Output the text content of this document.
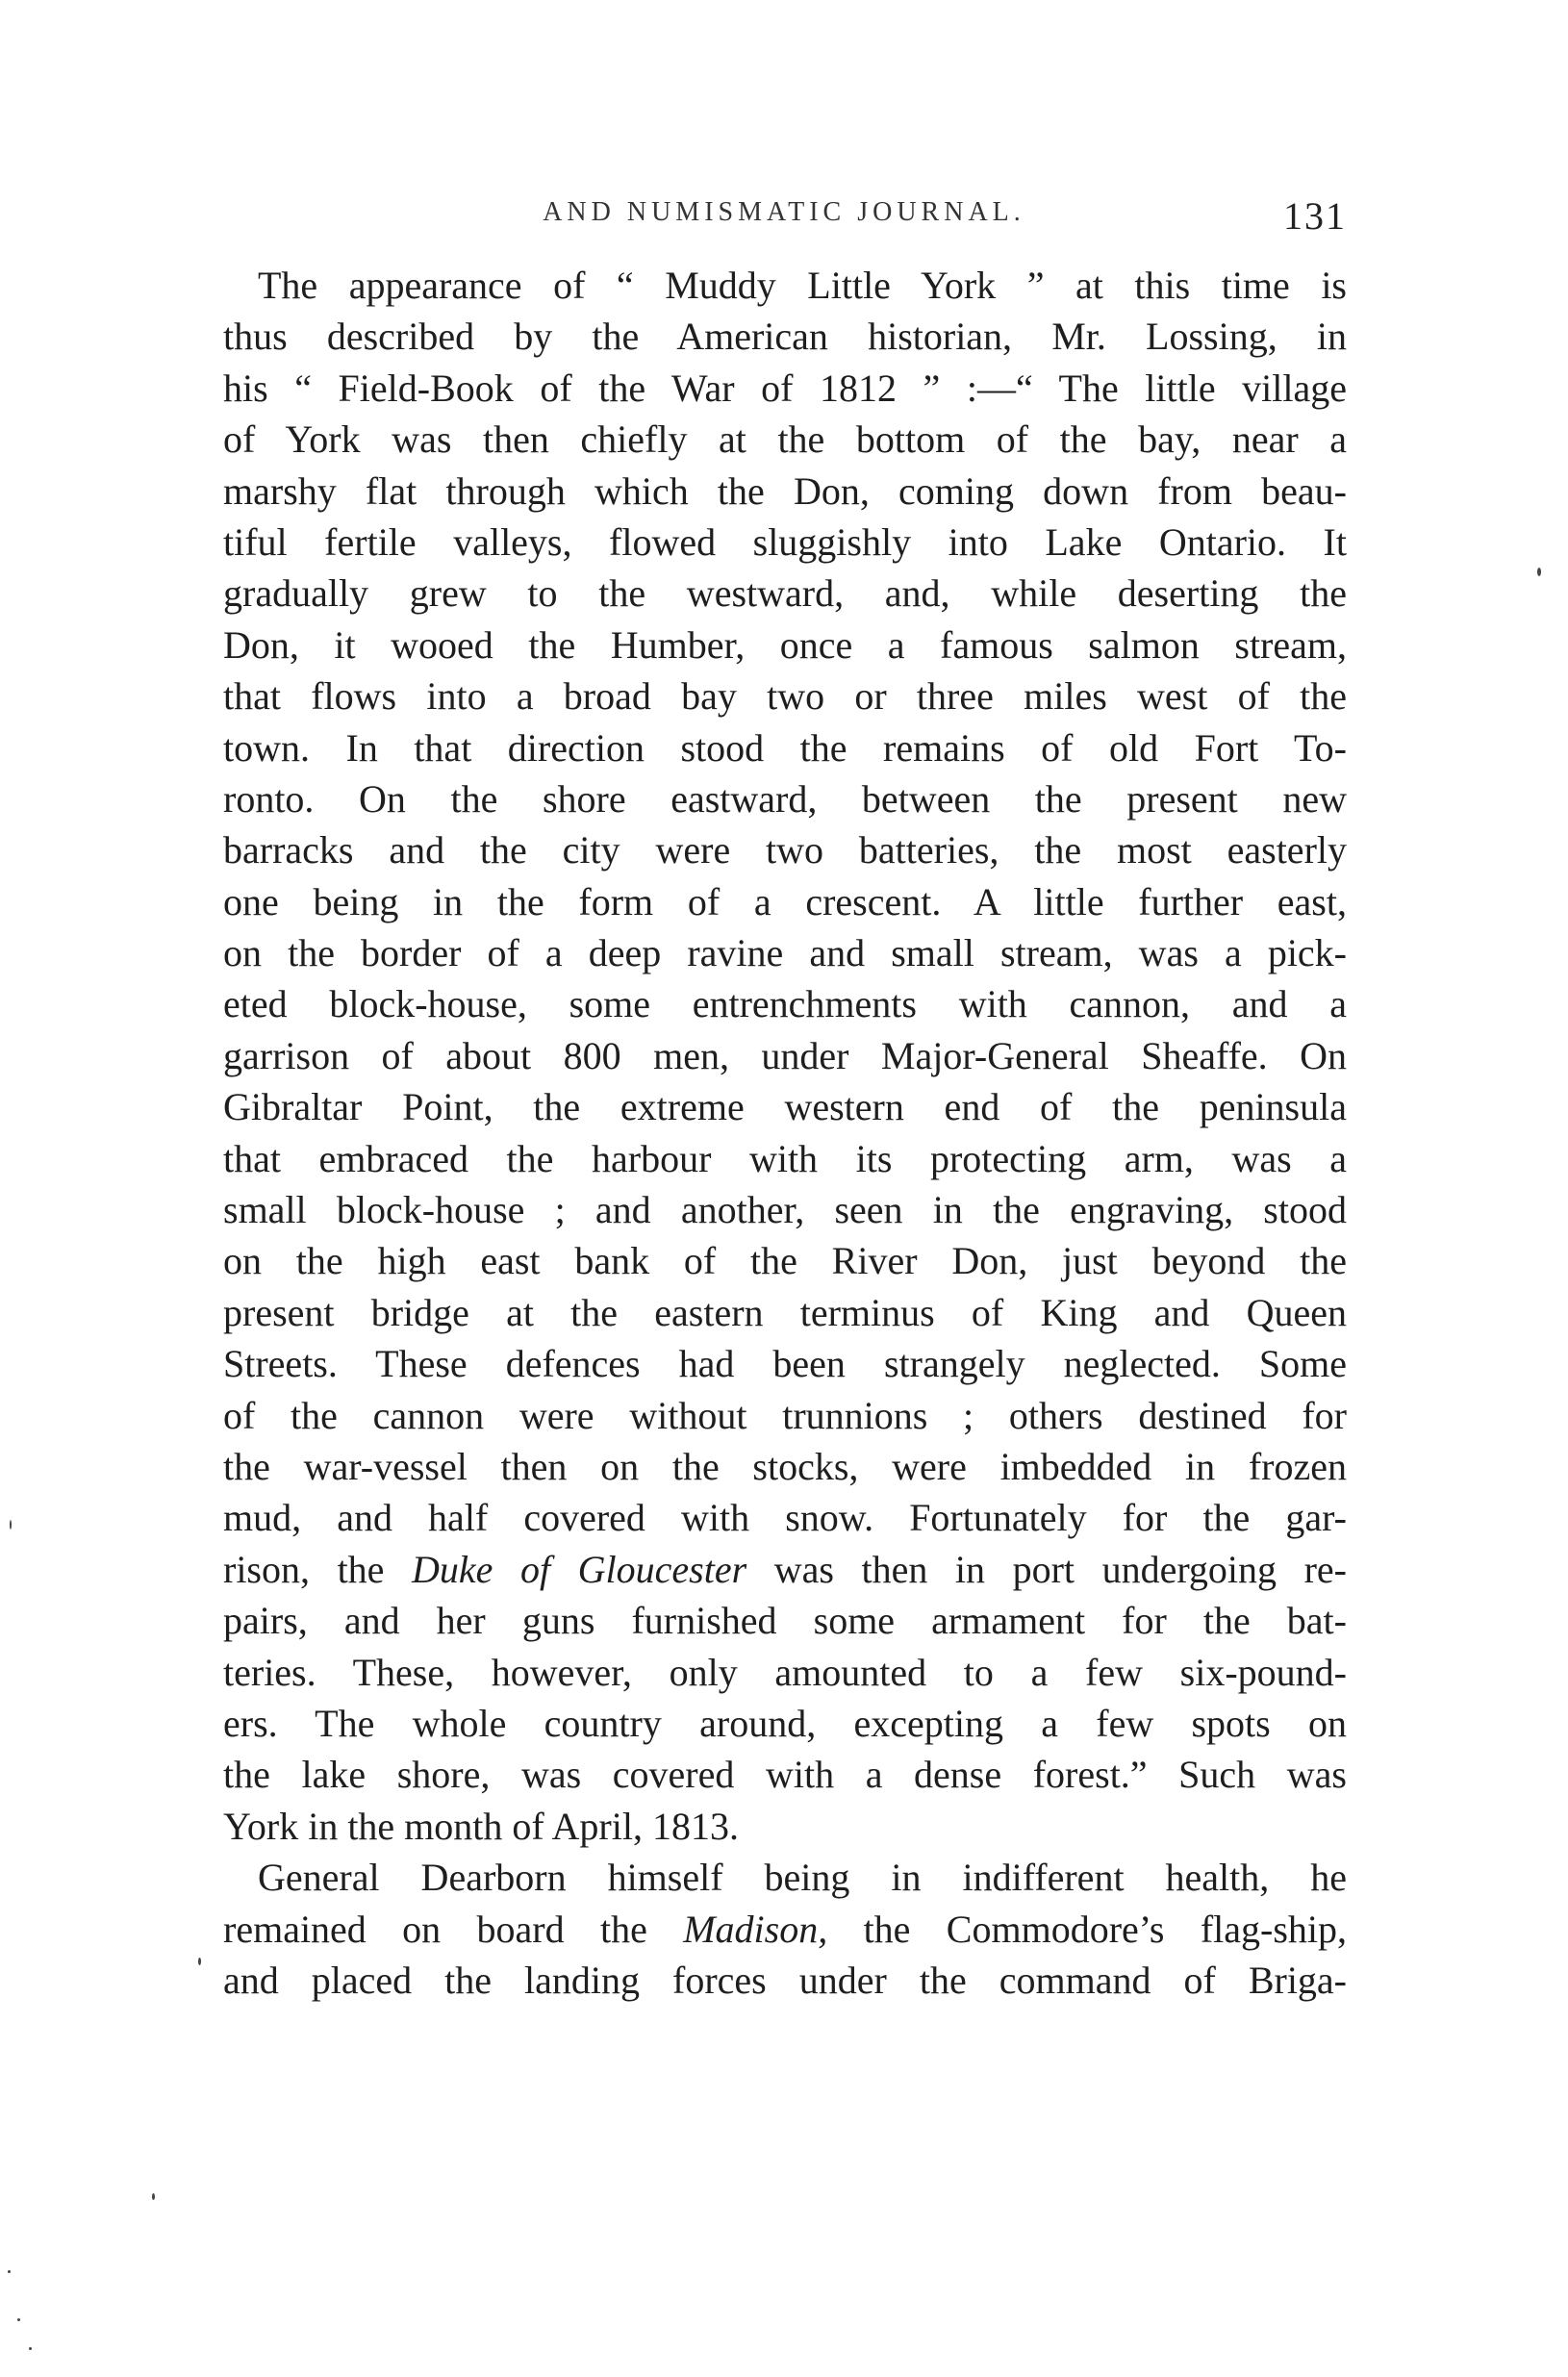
AND NUMISMATIC JOURNAL.	131
The appearance of “ Muddy Little York ” at this time is
thus described by the American historian, Mr. Lossing, in
his “ Field-Book of the War of 1812 ” :—“ The little village
of York was then chiefly at the bottom of the bay, near a
marshy flat through which the Don, coming down from beau-
tiful fertile valleys, flowed sluggishly into Lake Ontario. It
gradually grew to the westward, and, while deserting the
Don, it wooed the Humber, once a famous salmon stream,
that flows into a broad bay two or three miles west of the
town. In that direction stood the remains of old Fort To-
ronto. On the shore eastward, between the present new
barracks and the city were two batteries, the most easterly
one being in the form of a crescent. A little further east,
on the border of a deep ravine and small stream, was a pick-
eted block-house, some entrenchments with cannon, and a
garrison of about 800 men, under Major-General Sheaffe. On
Gibraltar Point, the extreme western end of the peninsula
that embraced the harbour with its protecting arm, was a
small block-house ; and another, seen in the engraving, stood
on the high east bank of the River Don, just beyond the
present bridge at the eastern terminus of King and Queen
Streets. These defences had been strangely neglected. Some
of the cannon were without trunnions ; others destined for
the war-vessel then on the stocks, were imbedded in frozen
mud, and half covered with snow. Fortunately for the gar-
rison, the Duke of Gloucester was then in port undergoing re-
pairs, and her guns furnished some armament for the bat-
teries. These, however, only amounted to a few six-pound-
ers. The whole country around, excepting a few spots on
the lake shore, was covered with a dense forest.” Such was
York in the month of April, 1813.
General Dearborn himself being in indifferent health, he
remained on board the Madison, the Commodore’s flag-ship,
and placed the landing forces under the command of Briga-
